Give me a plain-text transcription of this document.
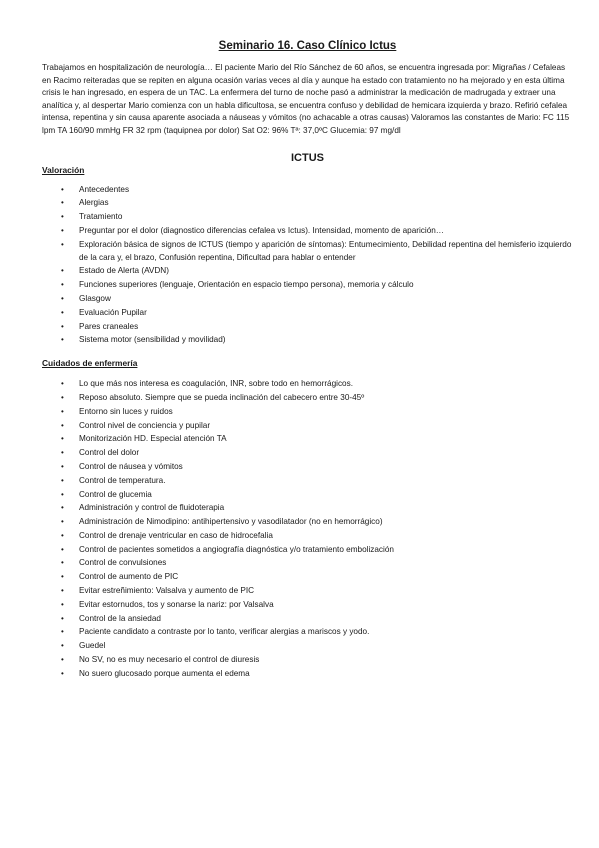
Seminario 16. Caso Clínico Ictus

Trabajamos en hospitalización de neurología… El paciente Mario del Río Sánchez de 60 años, se encuentra ingresada por: Migrañas / Cefaleas en Racimo reiteradas que se repiten en alguna ocasión varias veces al día y aunque ha estado con tratamiento no ha mejorado y en esta última crisis le han ingresado, en espera de un TAC. La enfermera del turno de noche pasó a administrar la medicación de madrugada y extraer una analítica y, al despertar Mario comienza con un habla dificultosa, se encuentra confuso y debilidad de hemicara izquierda y brazo. Refirió cefalea intensa, repentina y sin causa aparente asociada a náuseas y vómitos (no achacable a otras causas) Valoramos las constantes de Mario: FC 115 lpm TA 160/90 mmHg FR 32 rpm (taquipnea por dolor) Sat O2: 96% Tª: 37,0ºC Glucemia: 97 mg/dl

ICTUS
Valoración
• Antecedentes
• Alergias
• Tratamiento
• Preguntar por el dolor (diagnostico diferencias cefalea vs Ictus). Intensidad, momento de aparición…
• Exploración básica de signos de ICTUS (tiempo y aparición de síntomas): Entumecimiento, Debilidad repentina del hemisferio izquierdo de la cara y, el brazo, Confusión repentina, Dificultad para hablar o entender
• Estado de Alerta (AVDN)
• Funciones superiores (lenguaje, Orientación en espacio tiempo persona), memoria y cálculo
• Glasgow
• Evaluación Pupilar
• Pares craneales
• Sistema motor (sensibilidad y movilidad)
Cuidados de enfermería
• Lo que más nos interesa es coagulación, INR, sobre todo en hemorrágicos.
• Reposo absoluto. Siempre que se pueda inclinación del cabecero entre 30-45º
• Entorno sin luces y ruidos
• Control nivel de conciencia y pupilar
• Monitorización HD. Especial atención TA
• Control del dolor
• Control de náusea y vómitos
• Control de temperatura.
• Control de glucemia
• Administración y control de fluidoterapia
• Administración de Nimodipino: antihipertensivo y vasodilatador (no en hemorrágico)
• Control de drenaje ventricular en caso de hidrocefalia
• Control de pacientes sometidos a angiografía diagnóstica y/o tratamiento embolización
• Control de convulsiones
• Control de aumento de PIC
• Evitar estreñimiento: Valsalva y aumento de PIC
• Evitar estornudos, tos y sonarse la nariz: por Valsalva
• Control de la ansiedad
• Paciente candidato a contraste por lo tanto, verificar alergias a mariscos y yodo.
• Guedel
• No SV, no es muy necesario el control de diuresis
• No suero glucosado porque aumenta el edema
